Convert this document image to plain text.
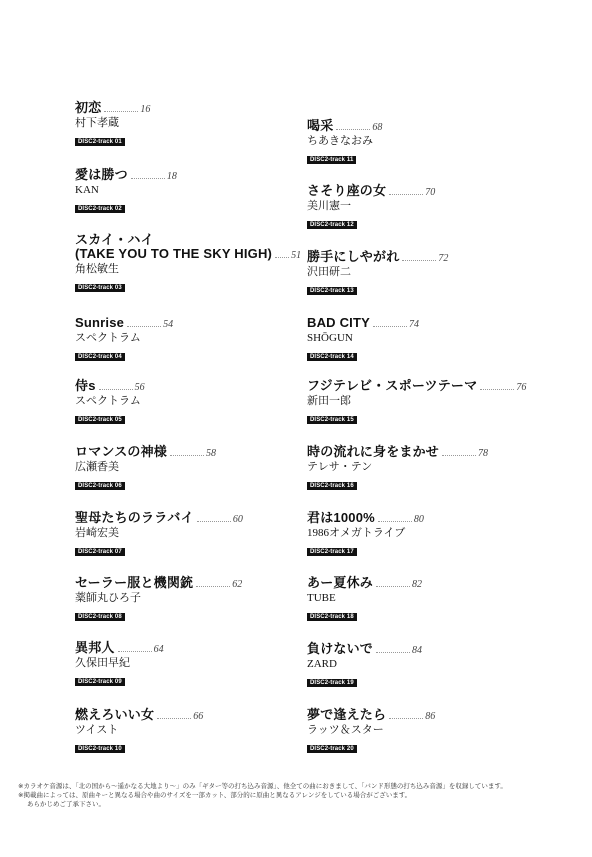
初恋	16
村下孝蔵
DISC2-track 01
愛は勝つ	18
KAN
DISC2-track 02
スカイ・ハイ
(TAKE YOU TO THE SKY HIGH) 51
角松敏生
DISC2-track 03
Sunrise	54
スペクトラム
DISC2-track 04
侍s	56
スペクトラム
DISC2-track 05
ロマンスの神様	58
広瀬香美
DISC2-track 06
聖母たちのララバイ	60
岩崎宏美
DISC2-track 07
セーラー服と機関銃	62
薬師丸ひろ子
DISC2-track 08
異邦人	64
久保田早紀
DISC2-track 09
燃えろいい女	66
ツイスト
DISC2-track 10
喝采	68
ちあきなおみ
DISC2-track 11
さそり座の女	70
美川憲一
DISC2-track 12
勝手にしやがれ	72
沢田研二
DISC2-track 13
BAD CITY	74
SHŌGUN
DISC2-track 14
フジテレビ・スポーツテーマ	76
新田一郎
DISC2-track 15
時の流れに身をまかせ	78
テレサ・テン
DISC2-track 16
君は1000%	80
1986オメガトライブ
DISC2-track 17
あー夏休み	82
TUBE
DISC2-track 18
負けないで	84
ZARD
DISC2-track 19
夢で逢えたら	86
ラッツ＆スター
DISC2-track 20
※カラオケ音源は、「北の国から～遥かなる大地より～」のみ「ギター等の打ち込み音源」、他全ての曲におきまして、「バンド形態の打ち込み音源」を収録しています。
※掲載曲によっては、原曲キーと異なる場合や曲のサイズを一部カット、部分的に原曲と異なるアレンジをしている場合がございます。
あらかじめご了承下さい。
